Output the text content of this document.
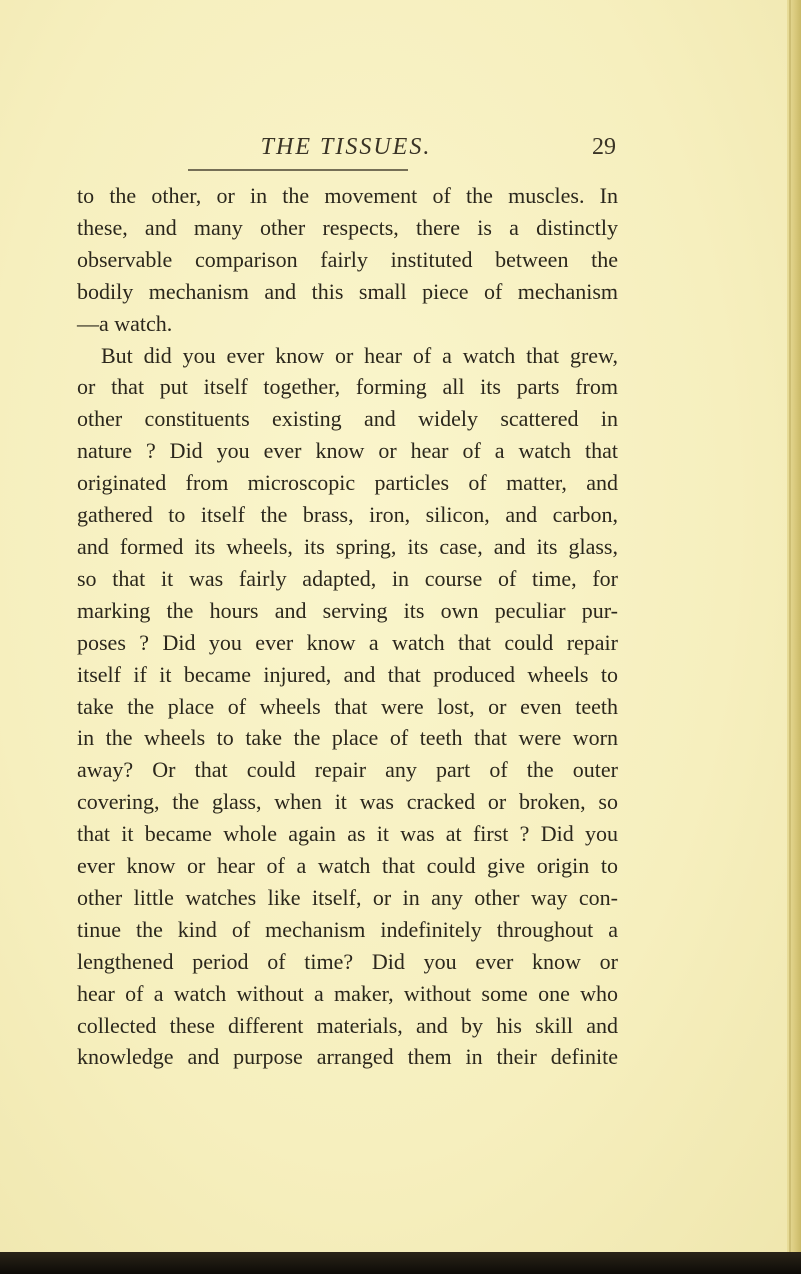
THE TISSUES.	29
to the other, or in the movement of the muscles. In
these, and many other respects, there is a distinctly
observable comparison fairly instituted between the
bodily mechanism and this small piece of mechanism
—a watch.
But did you ever know or hear of a watch that grew,
or that put itself together, forming all its parts from
other constituents existing and widely scattered in
nature ? Did you ever know or hear of a watch that
originated from microscopic particles of matter, and
gathered to itself the brass, iron, silicon, and carbon,
and formed its wheels, its spring, its case, and its glass,
so that it was fairly adapted, in course of time, for
marking the hours and serving its own peculiar pur-
poses ? Did you ever know a watch that could repair
itself if it became injured, and that produced wheels to
take the place of wheels that were lost, or even teeth
in the wheels to take the place of teeth that were worn
away? Or that could repair any part of the outer
covering, the glass, when it was cracked or broken, so
that it became whole again as it was at first ? Did you
ever know or hear of a watch that could give origin to
other little watches like itself, or in any other way con-
tinue the kind of mechanism indefinitely throughout a
lengthened period of time? Did you ever know or
hear of a watch without a maker, without some one who
collected these different materials, and by his skill and
knowledge and purpose arranged them in their definite
